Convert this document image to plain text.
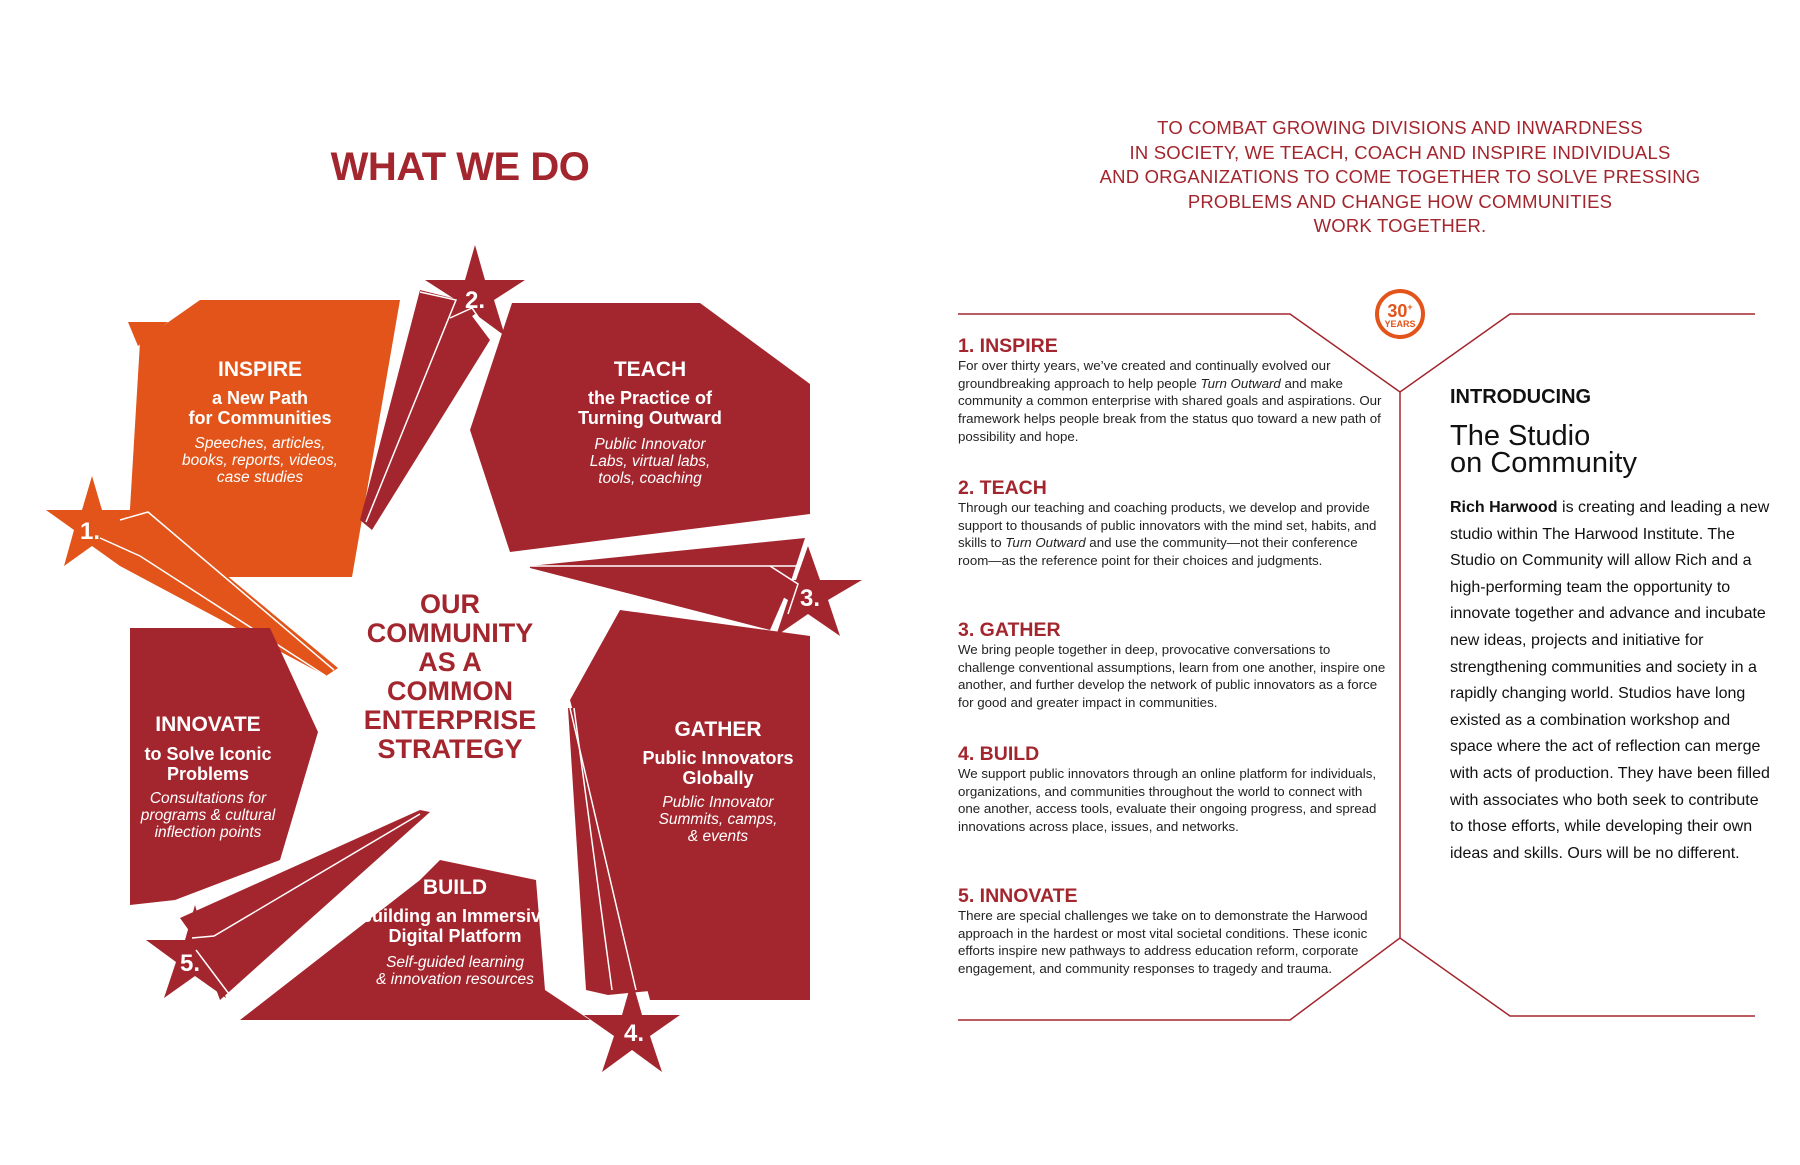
WHAT WE DO
INSPIRE
a New Path
for Communities
Speeches, articles,
books, reports, videos,
case studies
TEACH
the Practice of
Turning Outward
Public Innovator
Labs, virtual labs,
tools, coaching
GATHER
Public Innovators
Globally
Public Innovator
Summits, camps,
& events
BUILD
Building an Immersive
Digital Platform
Self-guided learning
& innovation resources
INNOVATE
to Solve Iconic
Problems
Consultations for
programs & cultural
inflection points
1.
2.
3.
4.
5.
OUR
COMMUNITY
AS A
COMMON
ENTERPRISE
STRATEGY
TO COMBAT GROWING DIVISIONS AND INWARDNESS
IN SOCIETY, WE TEACH, COACH AND INSPIRE INDIVIDUALS
AND ORGANIZATIONS TO COME TOGETHER TO SOLVE PRESSING
PROBLEMS AND CHANGE HOW COMMUNITIES
WORK TOGETHER.
30+
YEARS
1. INSPIRE

For over thirty years, we’ve created and continually evolved our groundbreaking approach to help people Turn Outward and make community a common enterprise with shared goals and aspirations. Our framework helps people break from the status quo toward a new path of possibility and hope.

2. TEACH

Through our teaching and coaching products, we develop and provide support to thousands of public innovators with the mind set, habits, and skills to Turn Outward and use the community—not their conference room—as the reference point for their choices and judgments.

3. GATHER

We bring people together in deep, provocative conversations to challenge conventional assumptions, learn from one another, inspire one another, and further develop the network of public innovators as a force for good and greater impact in communities.

4. BUILD

We support public innovators through an online platform for individuals, organizations, and communities throughout the world to connect with one another, access tools, evaluate their ongoing progress, and spread innovations across place, issues, and networks.

5. INNOVATE

There are special challenges we take on to demonstrate the Harwood approach in the hardest or most vital societal conditions. These iconic efforts inspire new pathways to address education reform, corporate engagement, and community responses to tragedy and trauma.

INTRODUCING

The Studio
on Community

Rich Harwood is creating and leading a new studio within The Harwood Institute. The Studio on Community will allow Rich and a high-performing team the opportunity to innovate together and advance and incubate new ideas, projects and initiative for strengthening communities and society in a rapidly changing world. Studios have long existed as a combination workshop and space where the act of reflection can merge with acts of production. They have been filled with associates who both seek to contribute to those efforts, while developing their own ideas and skills. Ours will be no different.
